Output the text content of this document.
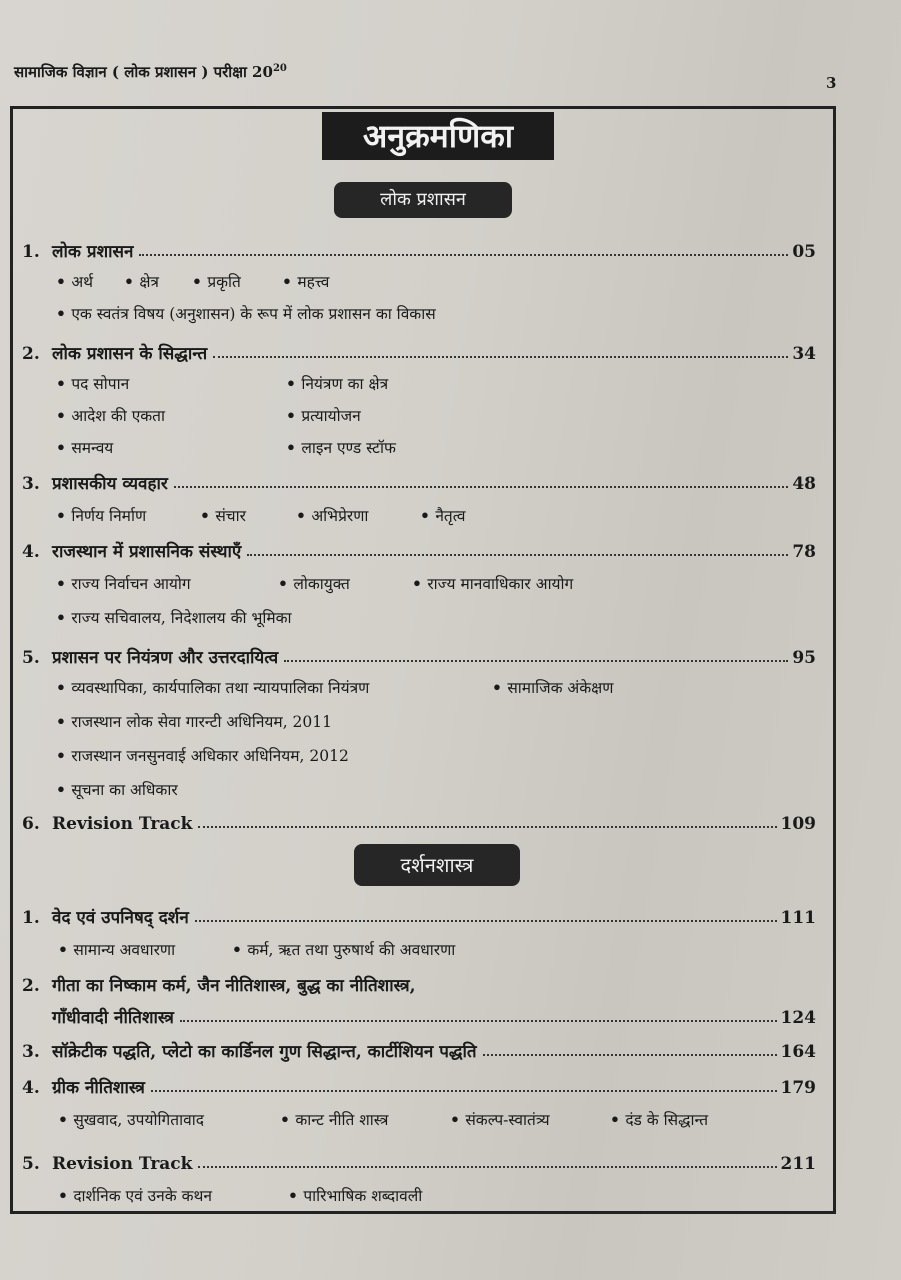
सामाजिक विज्ञान ( लोक प्रशासन ) परीक्षा $20^{20}$
3
अनुक्रमणिका
लोक प्रशासन
1. लोक प्रशासन	05
• अर्थ	• क्षेत्र	• प्रकृति	• महत्त्व
• एक स्वतंत्र विषय (अनुशासन) के रूप में लोक प्रशासन का विकास
2. लोक प्रशासन के सिद्धान्त	34
• पद सोपान	• नियंत्रण का क्षेत्र
• आदेश की एकता	• प्रत्यायोजन
• समन्वय	• लाइन एण्ड स्टॉफ
3. प्रशासकीय व्यवहार	48
• निर्णय निर्माण	• संचार	• अभिप्रेरणा	• नैतृत्व
4. राजस्थान में प्रशासनिक संस्थाएँ	78
• राज्य निर्वाचन आयोग	• लोकायुक्त	• राज्य मानवाधिकार आयोग
• राज्य सचिवालय, निदेशालय की भूमिका
5. प्रशासन पर नियंत्रण और उत्तरदायित्व	95
• व्यवस्थापिका, कार्यपालिका तथा न्यायपालिका नियंत्रण	• सामाजिक अंकेक्षण
• राजस्थान लोक सेवा गारन्टी अधिनियम, 2011
• राजस्थान जनसुनवाई अधिकार अधिनियम, 2012
• सूचना का अधिकार
6. Revision Track	109
दर्शनशास्त्र
1. वेद एवं उपनिषद् दर्शन	111
• सामान्य अवधारणा	• कर्म, ऋत तथा पुरुषार्थ की अवधारणा
2. गीता का निष्काम कर्म, जैन नीतिशास्त्र, बुद्ध का नीतिशास्त्र,
गाँधीवादी नीतिशास्त्र	124
3. सॉक्रेटीक पद्धति, प्लेटो का कार्डिनल गुण सिद्धान्त, कार्टीशियन पद्धति	164
4. ग्रीक नीतिशास्त्र	179
• सुखवाद, उपयोगितावाद	• कान्ट नीति शास्त्र	• संकल्प-स्वातंत्र्य	• दंड के सिद्धान्त
5. Revision Track	211
• दार्शनिक एवं उनके कथन	• पारिभाषिक शब्दावली
